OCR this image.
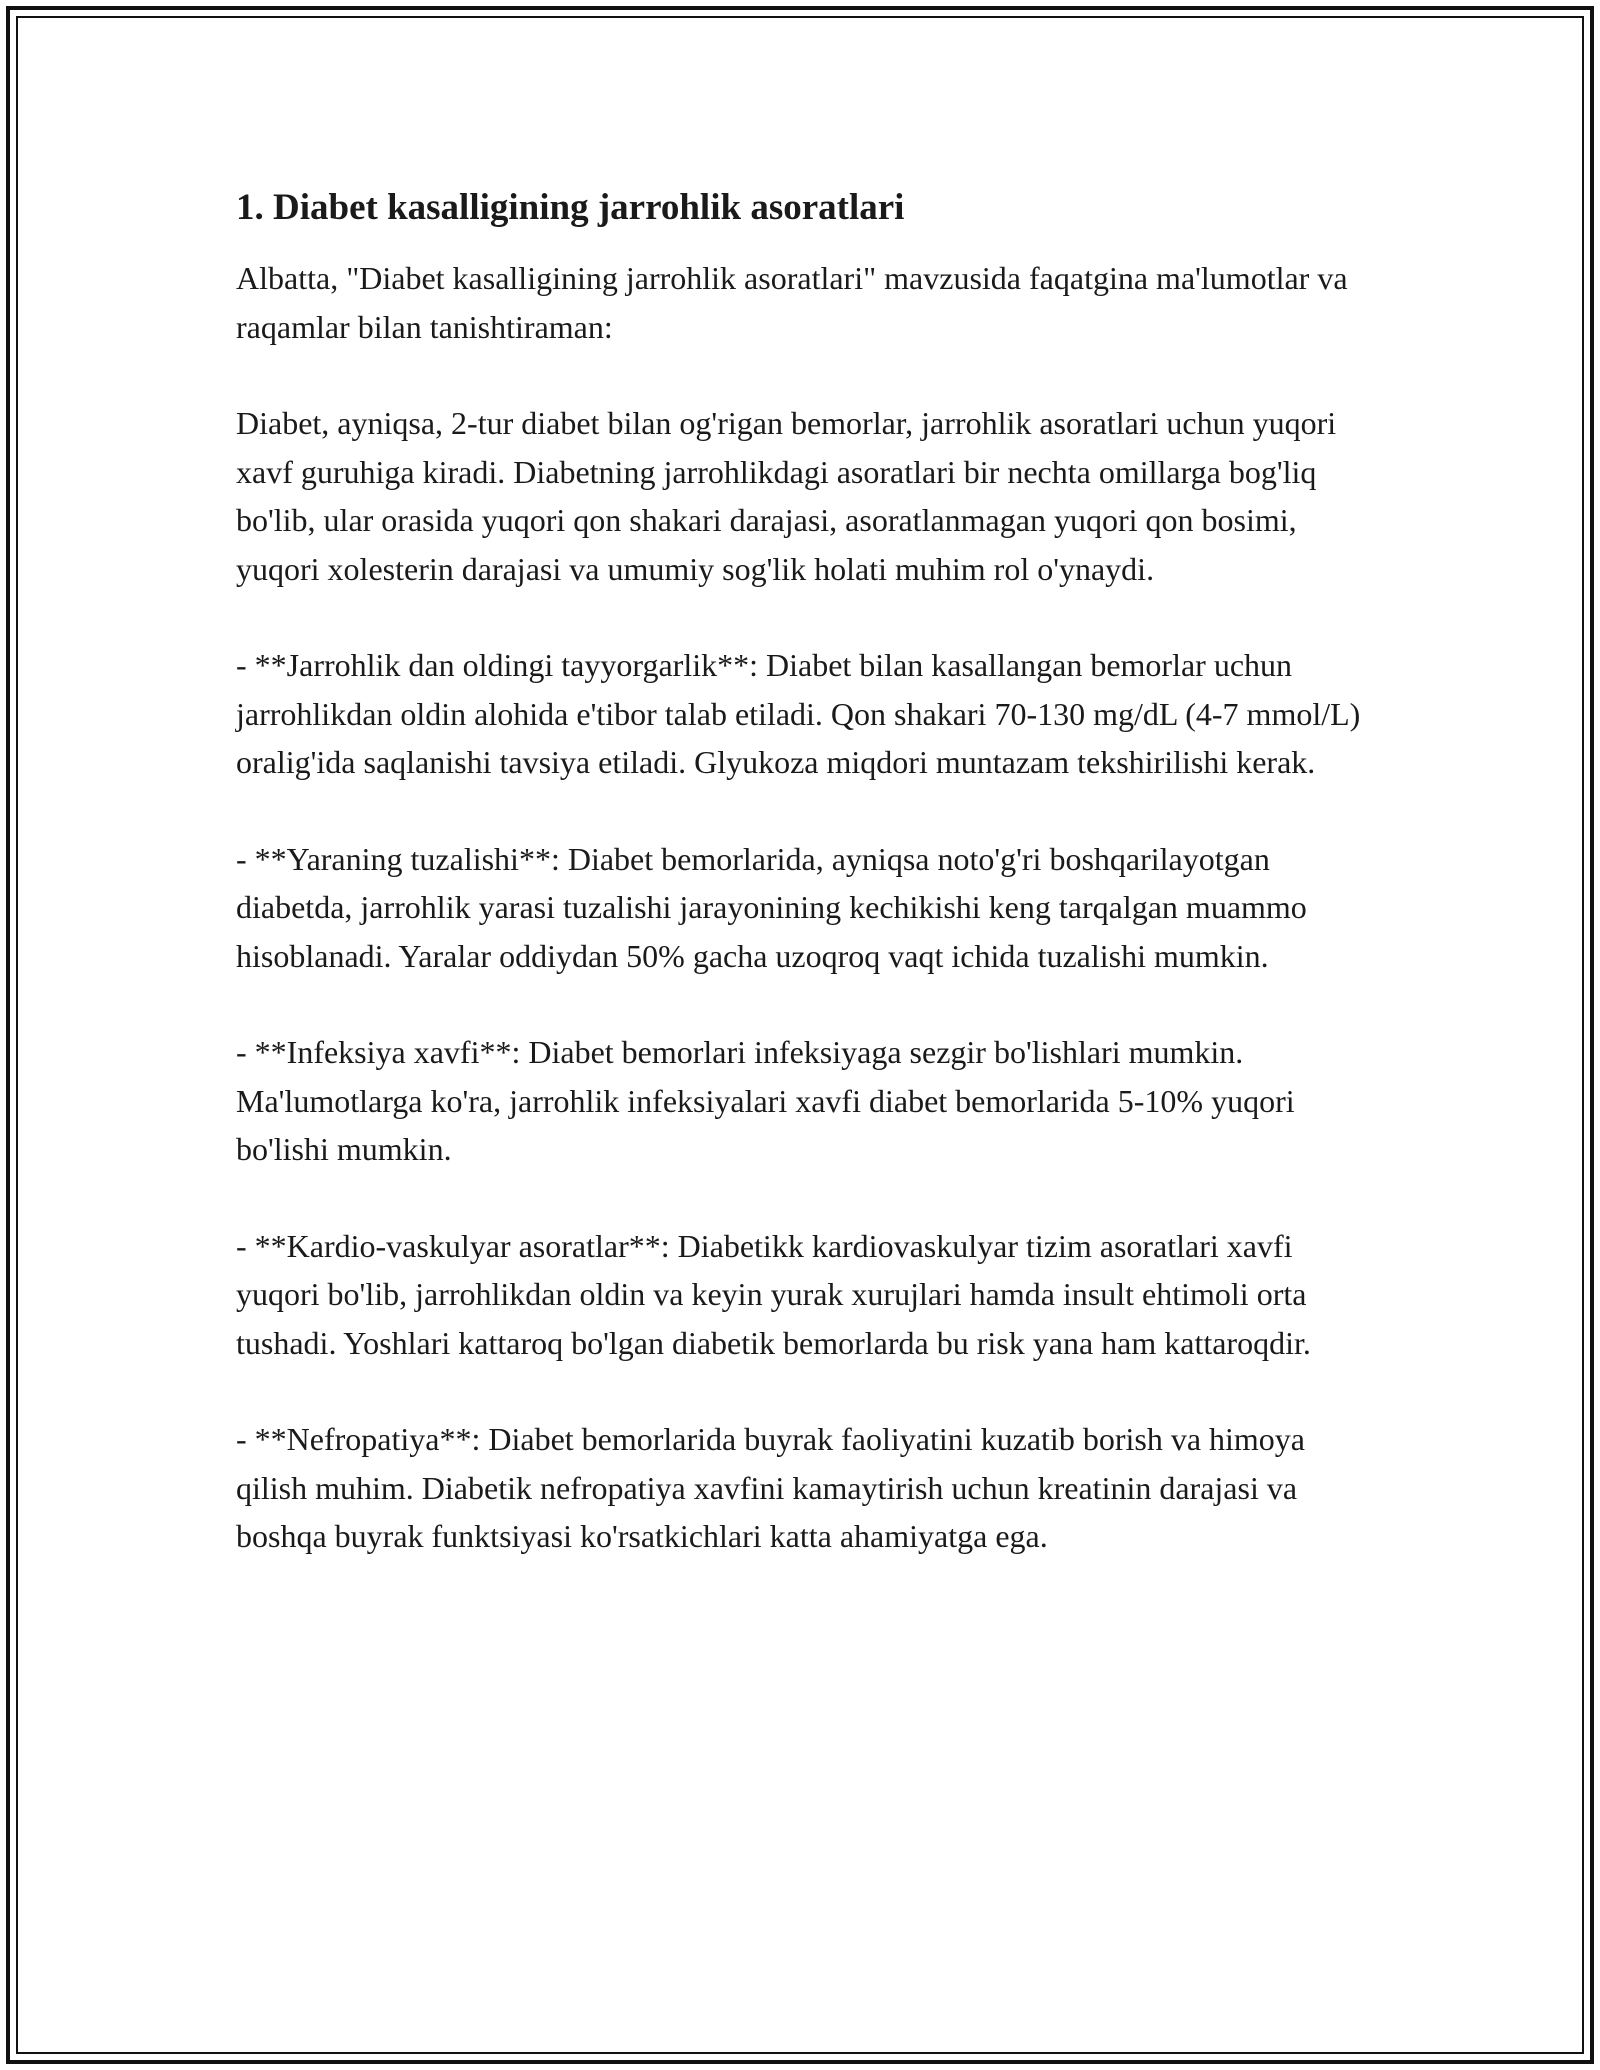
1. Diabet kasalligining jarrohlik asoratlari

Albatta, "Diabet kasalligining jarrohlik asoratlari" mavzusida faqatgina ma'lumotlar va raqamlar bilan tanishtiraman:

Diabet, ayniqsa, 2-tur diabet bilan og'rigan bemorlar, jarrohlik asoratlari uchun yuqori xavf guruhiga kiradi. Diabetning jarrohlikdagi asoratlari bir nechta omillarga bog'liq bo'lib, ular orasida yuqori qon shakari darajasi, asoratlanmagan yuqori qon bosimi, yuqori xolesterin darajasi va umumiy sog'lik holati muhim rol o'ynaydi.

- **Jarrohlik dan oldingi tayyorgarlik**: Diabet bilan kasallangan bemorlar uchun jarrohlikdan oldin alohida e'tibor talab etiladi. Qon shakari 70-130 mg/dL (4-7 mmol/L) oralig'ida saqlanishi tavsiya etiladi. Glyukoza miqdori muntazam tekshirilishi kerak.

- **Yaraning tuzalishi**: Diabet bemorlarida, ayniqsa noto'g'ri boshqarilayotgan diabetda, jarrohlik yarasi tuzalishi jarayonining kechikishi keng tarqalgan muammo hisoblanadi. Yaralar oddiydan 50% gacha uzoqroq vaqt ichida tuzalishi mumkin.

- **Infeksiya xavfi**: Diabet bemorlari infeksiyaga sezgir bo'lishlari mumkin. Ma'lumotlarga ko'ra, jarrohlik infeksiyalari xavfi diabet bemorlarida 5-10% yuqori bo'lishi mumkin.

- **Kardio-vaskulyar asoratlar**: Diabetikk kardiovaskulyar tizim asoratlari xavfi yuqori bo'lib, jarrohlikdan oldin va keyin yurak xurujlari hamda insult ehtimoli orta tushadi. Yoshlari kattaroq bo'lgan diabetik bemorlarda bu risk yana ham kattaroqdir.

- **Nefropatiya**: Diabet bemorlarida buyrak faoliyatini kuzatib borish va himoya qilish muhim. Diabetik nefropatiya xavfini kamaytirish uchun kreatinin darajasi va boshqa buyrak funktsiyasi ko'rsatkichlari katta ahamiyatga ega.
